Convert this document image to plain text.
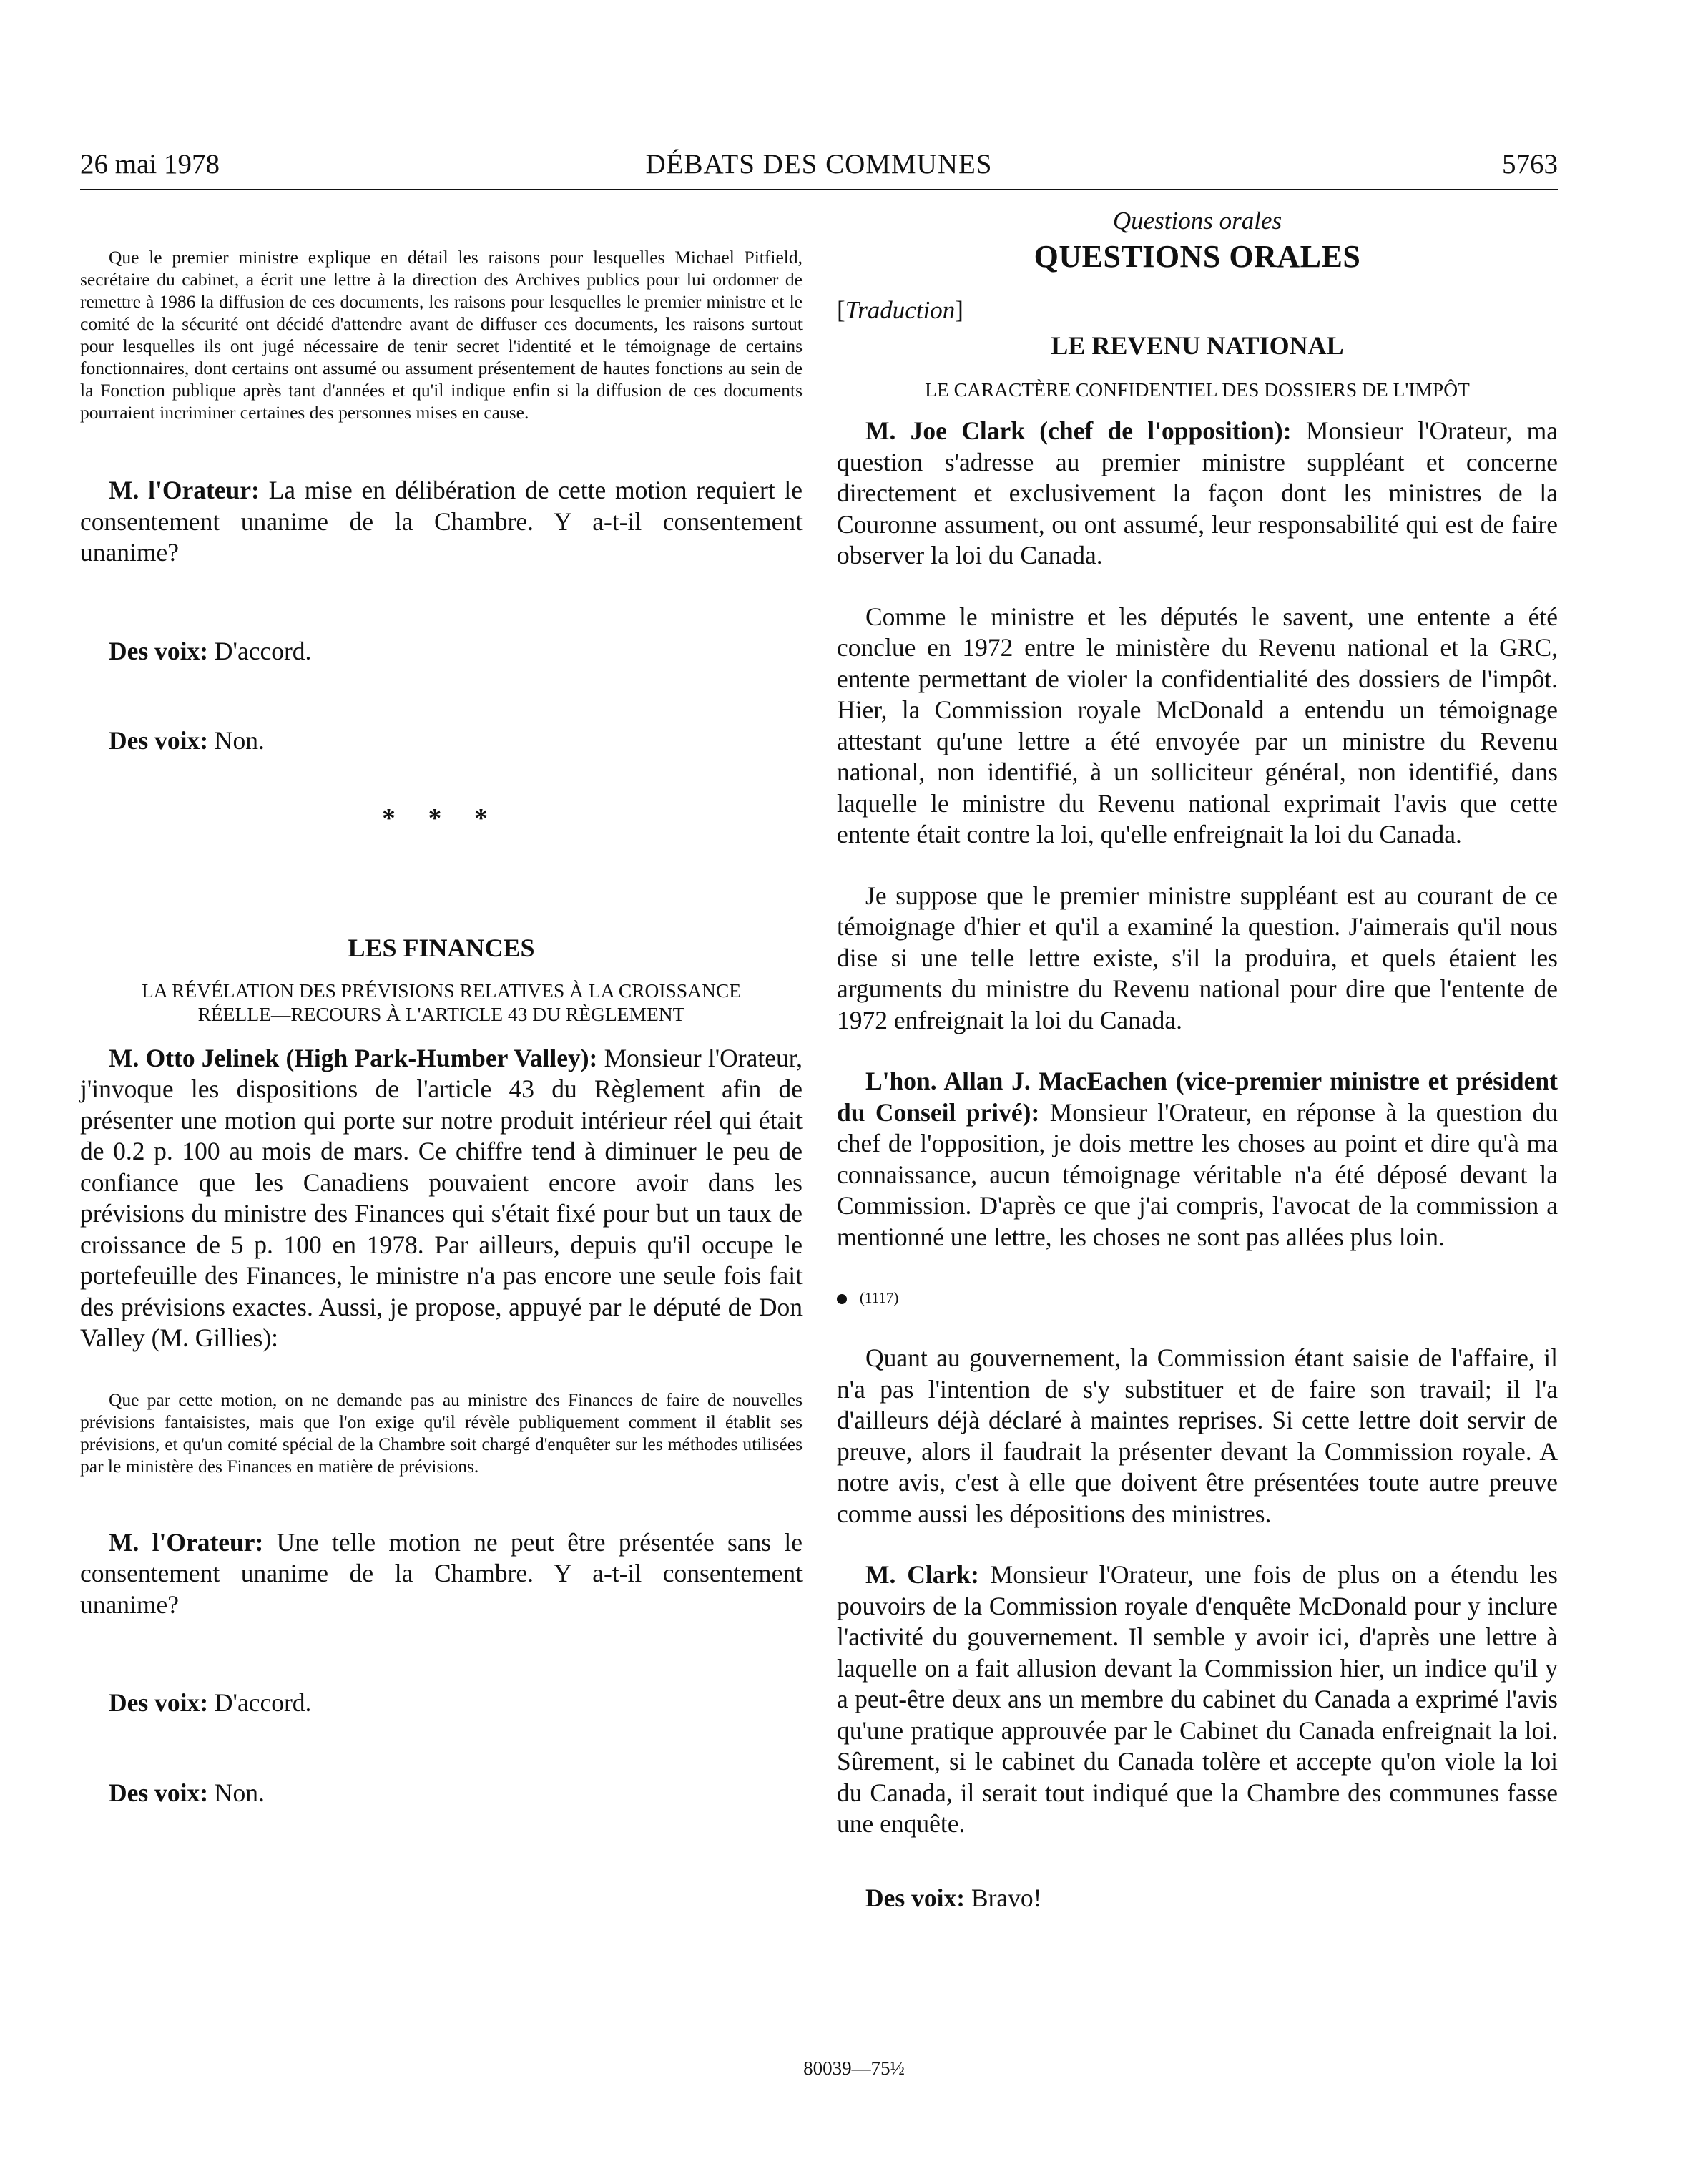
26 mai 1978	DÉBATS DES COMMUNES	5763

Que le premier ministre explique en détail les raisons pour lesquelles Michael Pitfield, secrétaire du cabinet, a écrit une lettre à la direction des Archives publics pour lui ordonner de remettre à 1986 la diffusion de ces documents, les raisons pour lesquelles le premier ministre et le comité de la sécurité ont décidé d'attendre avant de diffuser ces documents, les raisons surtout pour lesquelles ils ont jugé nécessaire de tenir secret l'identité et le témoignage de certains fonctionnaires, dont certains ont assumé ou assument présentement de hautes fonctions au sein de la Fonction publique après tant d'années et qu'il indique enfin si la diffusion de ces documents pourraient incriminer certaines des personnes mises en cause.

M. l'Orateur: La mise en délibération de cette motion requiert le consentement unanime de la Chambre. Y a-t-il consentement unanime?

Des voix: D'accord.

Des voix: Non.

* * *

LES FINANCES

LA RÉVÉLATION DES PRÉVISIONS RELATIVES À LA CROISSANCE

RÉELLE—RECOURS À L'ARTICLE 43 DU RÈGLEMENT

M. Otto Jelinek (High Park-Humber Valley): Monsieur l'Orateur, j'invoque les dispositions de l'article 43 du Règlement afin de présenter une motion qui porte sur notre produit intérieur réel qui était de 0.2 p. 100 au mois de mars. Ce chiffre tend à diminuer le peu de confiance que les Canadiens pouvaient encore avoir dans les prévisions du ministre des Finances qui s'était fixé pour but un taux de croissance de 5 p. 100 en 1978. Par ailleurs, depuis qu'il occupe le portefeuille des Finances, le ministre n'a pas encore une seule fois fait des prévisions exactes. Aussi, je propose, appuyé par le député de Don Valley (M. Gillies):

Que par cette motion, on ne demande pas au ministre des Finances de faire de nouvelles prévisions fantaisistes, mais que l'on exige qu'il révèle publiquement comment il établit ses prévisions, et qu'un comité spécial de la Chambre soit chargé d'enquêter sur les méthodes utilisées par le ministère des Finances en matière de prévisions.

M. l'Orateur: Une telle motion ne peut être présentée sans le consentement unanime de la Chambre. Y a-t-il consentement unanime?

Des voix: D'accord.

Des voix: Non.

Questions orales

QUESTIONS ORALES

[Traduction]

LE REVENU NATIONAL

LE CARACTÈRE CONFIDENTIEL DES DOSSIERS DE L'IMPÔT

M. Joe Clark (chef de l'opposition): Monsieur l'Orateur, ma question s'adresse au premier ministre suppléant et concerne directement et exclusivement la façon dont les ministres de la Couronne assument, ou ont assumé, leur responsabilité qui est de faire observer la loi du Canada.

Comme le ministre et les députés le savent, une entente a été conclue en 1972 entre le ministère du Revenu national et la GRC, entente permettant de violer la confidentialité des dossiers de l'impôt. Hier, la Commission royale McDonald a entendu un témoignage attestant qu'une lettre a été envoyée par un ministre du Revenu national, non identifié, à un solliciteur général, non identifié, dans laquelle le ministre du Revenu national exprimait l'avis que cette entente était contre la loi, qu'elle enfreignait la loi du Canada.

Je suppose que le premier ministre suppléant est au courant de ce témoignage d'hier et qu'il a examiné la question. J'aimerais qu'il nous dise si une telle lettre existe, s'il la produira, et quels étaient les arguments du ministre du Revenu national pour dire que l'entente de 1972 enfreignait la loi du Canada.

L'hon. Allan J. MacEachen (vice-premier ministre et président du Conseil privé): Monsieur l'Orateur, en réponse à la question du chef de l'opposition, je dois mettre les choses au point et dire qu'à ma connaissance, aucun témoignage véritable n'a été déposé devant la Commission. D'après ce que j'ai compris, l'avocat de la commission a mentionné une lettre, les choses ne sont pas allées plus loin.

(1117)

Quant au gouvernement, la Commission étant saisie de l'affaire, il n'a pas l'intention de s'y substituer et de faire son travail; il l'a d'ailleurs déjà déclaré à maintes reprises. Si cette lettre doit servir de preuve, alors il faudrait la présenter devant la Commission royale. A notre avis, c'est à elle que doivent être présentées toute autre preuve comme aussi les dépositions des ministres.

M. Clark: Monsieur l'Orateur, une fois de plus on a étendu les pouvoirs de la Commission royale d'enquête McDonald pour y inclure l'activité du gouvernement. Il semble y avoir ici, d'après une lettre à laquelle on a fait allusion devant la Commission hier, un indice qu'il y a peut-être deux ans un membre du cabinet du Canada a exprimé l'avis qu'une pratique approuvée par le Cabinet du Canada enfreignait la loi. Sûrement, si le cabinet du Canada tolère et accepte qu'on viole la loi du Canada, il serait tout indiqué que la Chambre des communes fasse une enquête.

Des voix: Bravo!

80039—75½
